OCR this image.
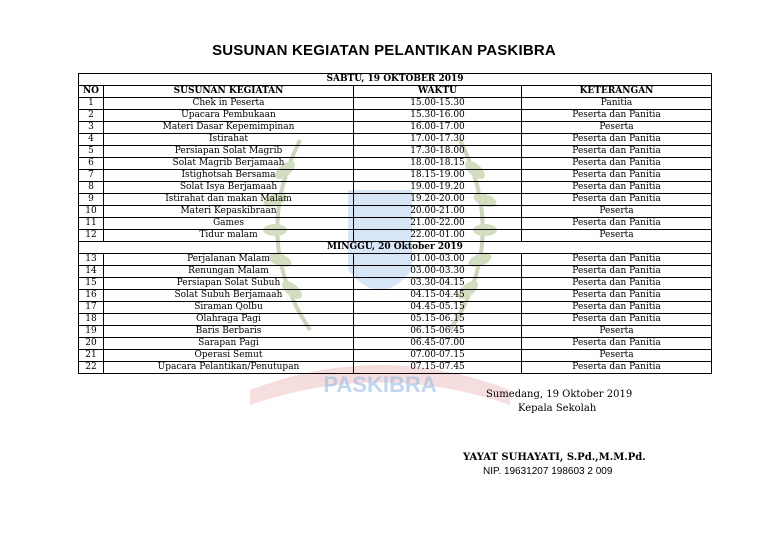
PASKIBRA
SUSUNAN KEGIATAN PELANTIKAN PASKIBRA
SABTU, 19 OKTOBER 2019			
NO	SUSUNAN KEGIATAN	WAKTU	KETERANGAN
1	Chek in Peserta	15.00-15.30	Panitia
2	Upacara Pembukaan	15.30-16.00	Peserta dan Panitia
3	Materi Dasar Kepemimpinan	16.00-17.00	Peserta
4	Istirahat	17.00-17.30	Peserta dan Panitia
5	Persiapan Solat Magrib	17.30-18.00	Peserta dan Panitia
6	Solat Magrib Berjamaah	18.00-18.15	Peserta dan Panitia
7	Istighotsah Bersama	18.15-19.00	Peserta dan Panitia
8	Solat Isya Berjamaah	19.00-19.20	Peserta dan Panitia
9	Istirahat dan makan Malam	19.20-20.00	Peserta dan Panitia
10	Materi Kepaskibraan	20.00-21.00	Peserta
11	Games	21.00-22.00	Peserta dan Panitia
12	Tidur malam	22.00-01.00	Peserta
MINGGU, 20 Oktober 2019			
13	Perjalanan Malam	01.00-03.00	Peserta dan Panitia
14	Renungan Malam	03.00-03.30	Peserta dan Panitia
15	Persiapan Solat Subuh	03.30-04.15	Peserta dan Panitia
16	Solat Subuh Berjamaah	04.15-04.45	Peserta dan Panitia
17	Siraman Qolbu	04.45-05.15	Peserta dan Panitia
18	Olahraga Pagi	05.15-06.15	Peserta dan Panitia
19	Baris Berbaris	06.15-06.45	Peserta
20	Sarapan Pagi	06.45-07.00	Peserta dan Panitia
21	Operasi Semut	07.00-07.15	Peserta
22	Upacara Pelantikan/Penutupan	07.15-07.45	Peserta dan Panitia
Sumedang, 19 Oktober 2019
Kepala Sekolah
YAYAT SUHAYATI, S.Pd.,M.M.Pd.
NIP. 19631207 198603 2 009
